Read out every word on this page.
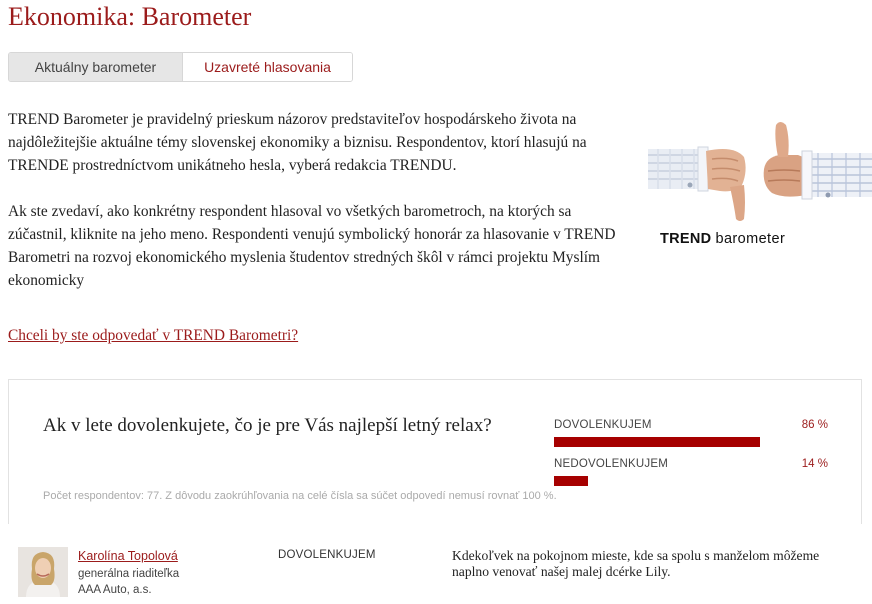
Ekonomika: Barometer
Aktuálny barometer	Uzavreté hlasovania

TREND Barometer je pravidelný prieskum názorov predstaviteľov hospodárskeho života na najdôležitejšie aktuálne témy slovenskej ekonomiky a biznisu. Respondentov, ktorí hlasujú na TRENDE prostredníctvom unikátneho hesla, vyberá redakcia TRENDU.

Ak ste zvedaví, ako konkrétny respondent hlasoval vo všetkých barometroch, na ktorých sa zúčastnil, kliknite na jeho meno. Respondenti venujú symbolický honorár za hlasovanie v TREND Barometri na rozvoj ekonomického myslenia študentov stredných škôl v rámci projektu Myslím ekonomicky

Chceli by ste odpovedať v TREND Barometri?
TREND barometer
Ak v lete dovolenkujete, čo je pre Vás najlepší letný relax?	DOVOLENKUJEM	86 %
NEDOVOLENKUJEM	14 %
Počet respondentov: 77. Z dôvodu zaokrúhľovania na celé čísla sa súčet odpovedí nemusí rovnať 100 %.
Karolína Topolová
generálna riaditeľka
AAA Auto, a.s.
DOVOLENKUJEM	Kdekoľvek na pokojnom mieste, kde sa spolu s manželom môžeme naplno venovať našej malej dcérke Lily.
